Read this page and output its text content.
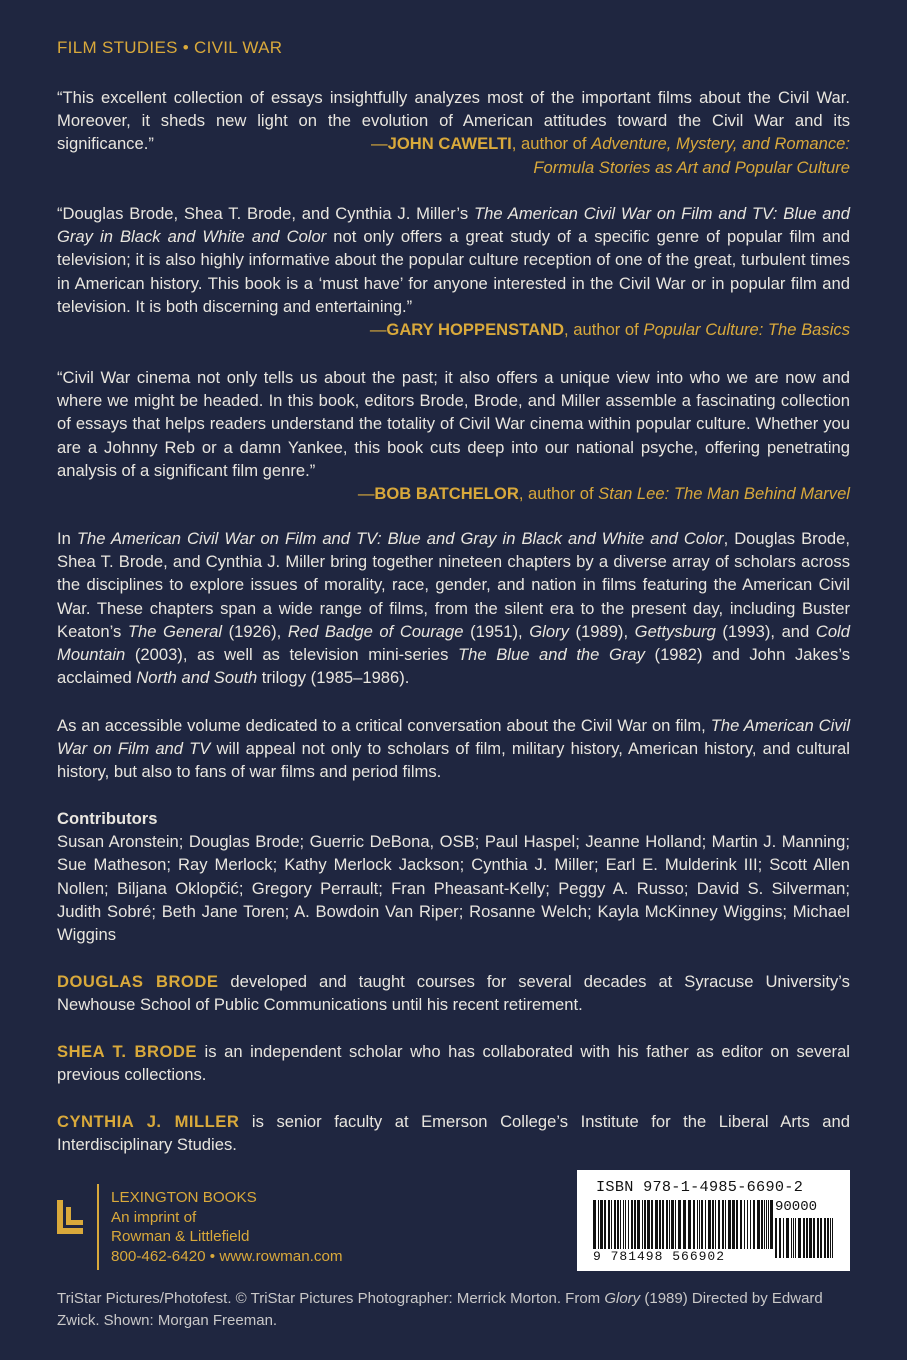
FILM STUDIES • CIVIL WAR
“This excellent collection of essays insightfully analyzes most of the important films about the Civil War. Moreover, it sheds new light on the evolution of American attitudes toward the Civil War and its significance.”	—JOHN CAWELTI, author of Adventure, Mystery, and Romance:
Formula Stories as Art and Popular Culture
“Douglas Brode, Shea T. Brode, and Cynthia J. Miller’s The American Civil War on Film and TV: Blue and Gray in Black and White and Color not only offers a great study of a specific genre of popular film and television; it is also highly informative about the popular culture reception of one of the great, turbulent times in American history. This book is a ‘must have’ for anyone interested in the Civil War or in popular film and television. It is both discerning and entertaining.”
—GARY HOPPENSTAND, author of Popular Culture: The Basics
“Civil War cinema not only tells us about the past; it also offers a unique view into who we are now and where we might be headed. In this book, editors Brode, Brode, and Miller assemble a fascinating collection of essays that helps readers understand the totality of Civil War cinema within popular culture. Whether you are a Johnny Reb or a damn Yankee, this book cuts deep into our national psyche, offering penetrating analysis of a significant film genre.”
—BOB BATCHELOR, author of Stan Lee: The Man Behind Marvel
In The American Civil War on Film and TV: Blue and Gray in Black and White and Color, Douglas Brode, Shea T. Brode, and Cynthia J. Miller bring together nineteen chapters by a diverse array of scholars across the disciplines to explore issues of morality, race, gender, and nation in films featuring the American Civil War. These chapters span a wide range of films, from the silent era to the present day, including Buster Keaton’s The General (1926), Red Badge of Courage (1951), Glory (1989), Gettysburg (1993), and Cold Mountain (2003), as well as television mini-series The Blue and the Gray (1982) and John Jakes’s acclaimed North and South trilogy (1985–1986).
As an accessible volume dedicated to a critical conversation about the Civil War on film, The American Civil War on Film and TV will appeal not only to scholars of film, military history, American history, and cultural history, but also to fans of war films and period films.
Contributors
Susan Aronstein; Douglas Brode; Guerric DeBona, OSB; Paul Haspel; Jeanne Holland; Martin J. Manning; Sue Matheson; Ray Merlock; Kathy Merlock Jackson; Cynthia J. Miller; Earl E. Mulderink III; Scott Allen Nollen; Biljana Oklopčić; Gregory Perrault; Fran Pheasant-Kelly; Peggy A. Russo; David S. Silverman; Judith Sobré; Beth Jane Toren; A. Bowdoin Van Riper; Rosanne Welch; Kayla McKinney Wiggins; Michael Wiggins
DOUGLAS BRODE developed and taught courses for several decades at Syracuse University’s Newhouse School of Public Communications until his recent retirement.
SHEA T. BRODE is an independent scholar who has collaborated with his father as editor on several previous collections.
CYNTHIA J. MILLER is senior faculty at Emerson College’s Institute for the Liberal Arts and Interdisciplinary Studies.
LEXINGTON BOOKS
An imprint of
Rowman & Littlefield
800-462-6420 • www.rowman.com
ISBN 978-1-4985-6690-2
90000
9 781498 566902
TriStar Pictures/Photofest. © TriStar Pictures Photographer: Merrick Morton. From Glory (1989) Directed by Edward Zwick. Shown: Morgan Freeman.
